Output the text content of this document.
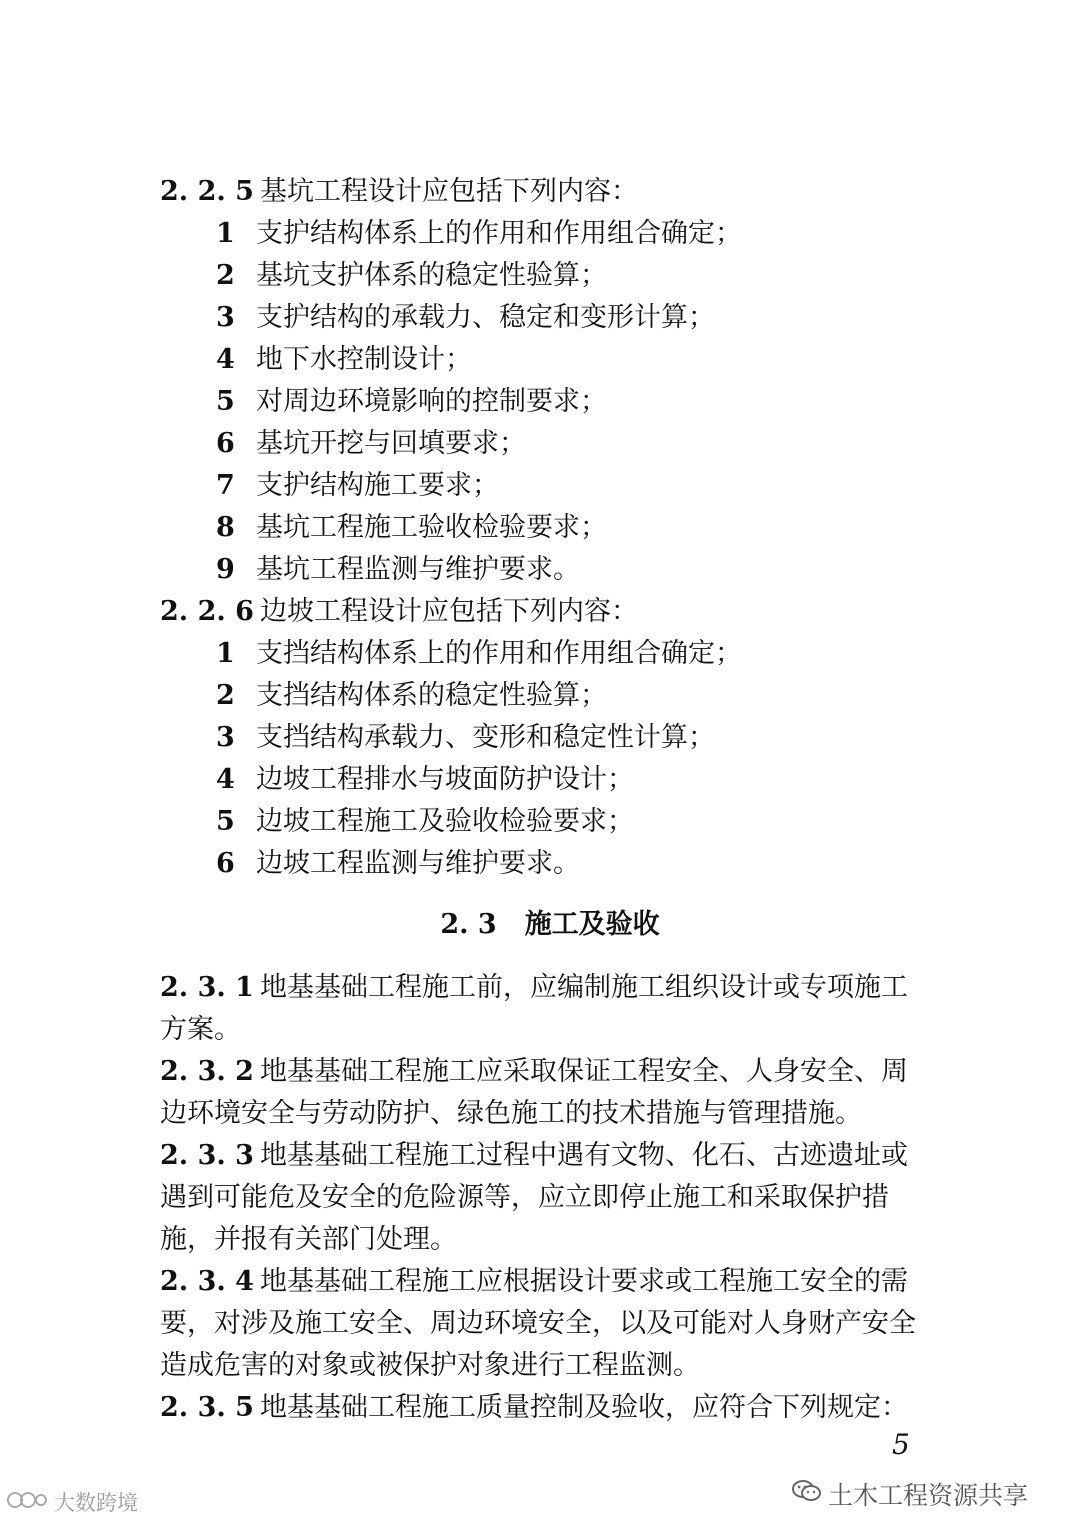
2. 2. 5 基坑工程设计应包括下列内容：
1 支护结构体系上的作用和作用组合确定；
2 基坑支护体系的稳定性验算；
3 支护结构的承载力、稳定和变形计算；
4 地下水控制设计；
5 对周边环境影响的控制要求；
6 基坑开挖与回填要求；
7 支护结构施工要求；
8 基坑工程施工验收检验要求；
9 基坑工程监测与维护要求。
2. 2. 6 边坡工程设计应包括下列内容：
1 支挡结构体系上的作用和作用组合确定；
2 支挡结构体系的稳定性验算；
3 支挡结构承载力、变形和稳定性计算；
4 边坡工程排水与坡面防护设计；
5 边坡工程施工及验收检验要求；
6 边坡工程监测与维护要求。
2. 3 施工及验收
2. 3. 1 地基基础工程施工前，应编制施工组织设计或专项施工
方案。
2. 3. 2 地基基础工程施工应采取保证工程安全、人身安全、周
边环境安全与劳动防护、绿色施工的技术措施与管理措施。
2. 3. 3 地基基础工程施工过程中遇有文物、化石、古迹遗址或
遇到可能危及安全的危险源等，应立即停止施工和采取保护措
施，并报有关部门处理。
2. 3. 4 地基基础工程施工应根据设计要求或工程施工安全的需
要，对涉及施工安全、周边环境安全，以及可能对人身财产安全
造成危害的对象或被保护对象进行工程监测。
2. 3. 5 地基基础工程施工质量控制及验收，应符合下列规定：
5
土木工程资源共享
大数跨境
